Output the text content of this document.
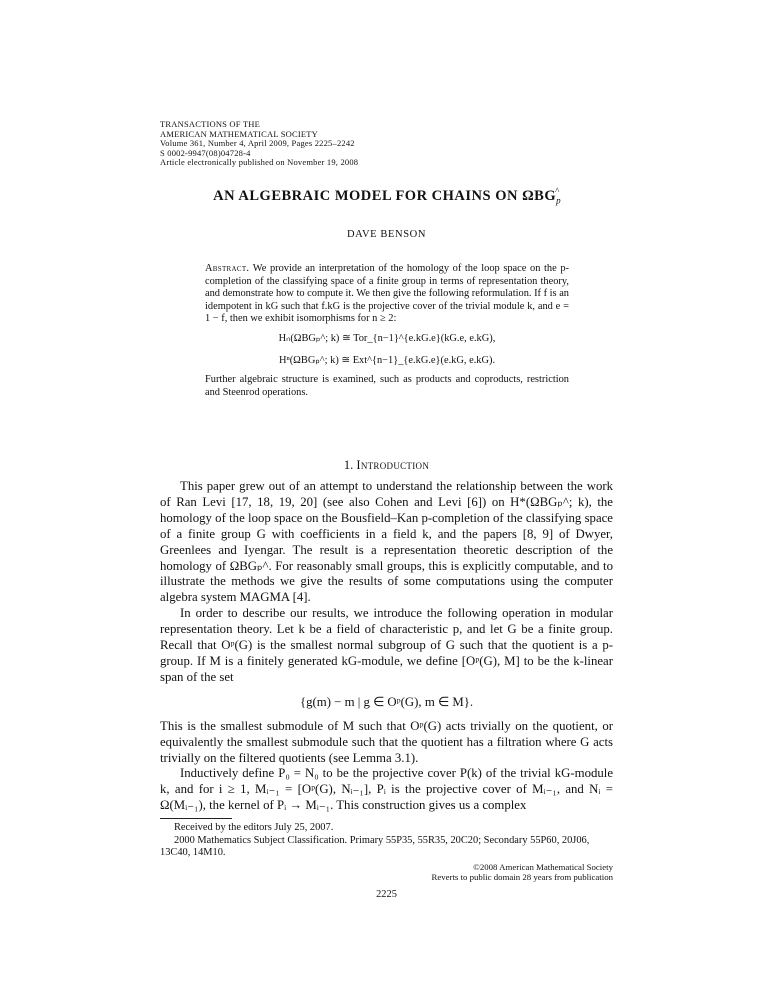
TRANSACTIONS OF THE
AMERICAN MATHEMATICAL SOCIETY
Volume 361, Number 4, April 2009, Pages 2225–2242
S 0002-9947(08)04728-4
Article electronically published on November 19, 2008
AN ALGEBRAIC MODEL FOR CHAINS ON $\Omega BG_p^{\^{}}$
DAVE BENSON
Abstract. We provide an interpretation of the homology of the loop space on the p-completion of the classifying space of a finite group in terms of representation theory, and demonstrate how to compute it. We then give the following reformulation. If f is an idempotent in kG such that f.kG is the projective cover of the trivial module k, and e = 1 − f, then we exhibit isomorphisms for n ≥ 2:
Hₙ(ΩBGₚ^; k) ≅ Tor_{n−1}^{e.kG.e}(kG.e, e.kG),
Hⁿ(ΩBGₚ^; k) ≅ Ext^{n−1}_{e.kG.e}(e.kG, e.kG).
Further algebraic structure is examined, such as products and coproducts, restriction and Steenrod operations.
1. Introduction

This paper grew out of an attempt to understand the relationship between the work of Ran Levi [17, 18, 19, 20] (see also Cohen and Levi [6]) on H*(ΩBGₚ^; k), the homology of the loop space on the Bousfield–Kan p-completion of the classifying space of a finite group G with coefficients in a field k, and the papers [8, 9] of Dwyer, Greenlees and Iyengar. The result is a representation theoretic description of the homology of ΩBGₚ^. For reasonably small groups, this is explicitly computable, and to illustrate the methods we give the results of some computations using the computer algebra system MAGMA [4].

In order to describe our results, we introduce the following operation in modular representation theory. Let k be a field of characteristic p, and let G be a finite group. Recall that Oᵖ(G) is the smallest normal subgroup of G such that the quotient is a p-group. If M is a finitely generated kG-module, we define [Oᵖ(G), M] to be the k-linear span of the set

{g(m) − m | g ∈ Oᵖ(G), m ∈ M}.

This is the smallest submodule of M such that Oᵖ(G) acts trivially on the quotient, or equivalently the smallest submodule such that the quotient has a filtration where G acts trivially on the filtered quotients (see Lemma 3.1).

Inductively define P₀ = N₀ to be the projective cover P(k) of the trivial kG-module k, and for i ≥ 1, Mᵢ₋₁ = [Oᵖ(G), Nᵢ₋₁], Pᵢ is the projective cover of Mᵢ₋₁, and Nᵢ = Ω(Mᵢ₋₁), the kernel of Pᵢ → Mᵢ₋₁. This construction gives us a complex

Received by the editors July 25, 2007.

2000 Mathematics Subject Classification. Primary 55P35, 55R35, 20C20; Secondary 55P60, 20J06, 13C40, 14M10.

©2008 American Mathematical Society
Reverts to public domain 28 years from publication
2225
